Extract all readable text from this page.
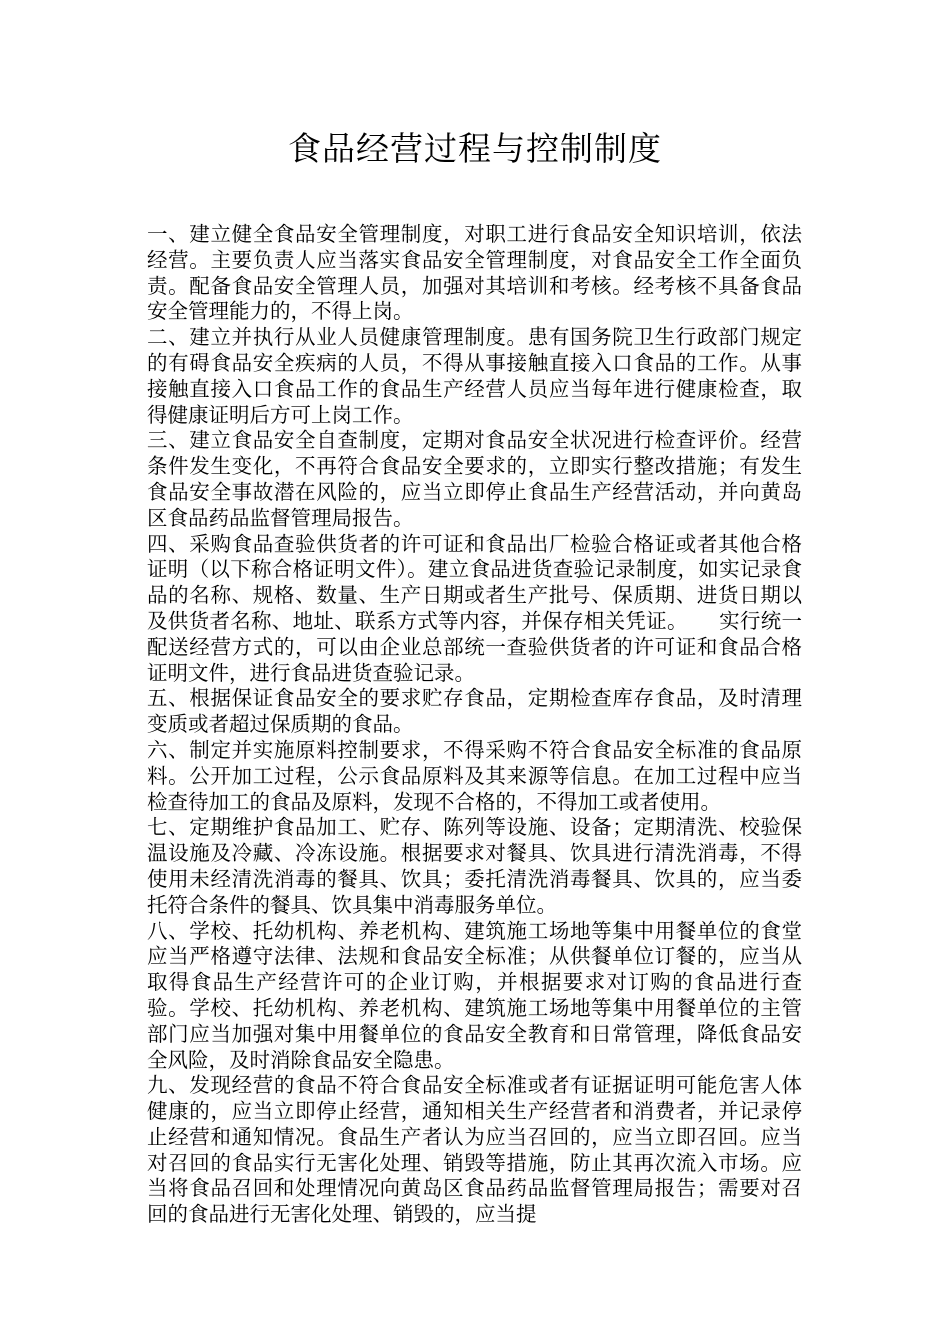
食品经营过程与控制制度

一、建立健全食品安全管理制度，对职工进行食品安全知识培训，依法经营。主要负责人应当落实食品安全管理制度，对食品安全工作全面负责。配备食品安全管理人员，加强对其培训和考核。经考核不具备食品安全管理能力的，不得上岗。

二、建立并执行从业人员健康管理制度。患有国务院卫生行政部门规定的有碍食品安全疾病的人员，不得从事接触直接入口食品的工作。从事接触直接入口食品工作的食品生产经营人员应当每年进行健康检查，取得健康证明后方可上岗工作。

三、建立食品安全自查制度，定期对食品安全状况进行检查评价。经营条件发生变化，不再符合食品安全要求的，立即实行整改措施；有发生食品安全事故潜在风险的，应当立即停止食品生产经营活动，并向黄岛区食品药品监督管理局报告。

四、采购食品查验供货者的许可证和食品出厂检验合格证或者其他合格证明（以下称合格证明文件）。建立食品进货查验记录制度，如实记录食品的名称、规格、数量、生产日期或者生产批号、保质期、进货日期以及供货者名称、地址、联系方式等内容，并保存相关凭证。　　实行统一配送经营方式的，可以由企业总部统一查验供货者的许可证和食品合格证明文件，进行食品进货查验记录。

五、根据保证食品安全的要求贮存食品，定期检查库存食品，及时清理变质或者超过保质期的食品。

六、制定并实施原料控制要求，不得采购不符合食品安全标准的食品原料。公开加工过程，公示食品原料及其来源等信息。在加工过程中应当检查待加工的食品及原料，发现不合格的，不得加工或者使用。

七、定期维护食品加工、贮存、陈列等设施、设备；定期清洗、校验保温设施及冷藏、冷冻设施。根据要求对餐具、饮具进行清洗消毒，不得使用未经清洗消毒的餐具、饮具；委托清洗消毒餐具、饮具的，应当委托符合条件的餐具、饮具集中消毒服务单位。

八、学校、托幼机构、养老机构、建筑施工场地等集中用餐单位的食堂应当严格遵守法律、法规和食品安全标准；从供餐单位订餐的，应当从取得食品生产经营许可的企业订购，并根据要求对订购的食品进行查验。学校、托幼机构、养老机构、建筑施工场地等集中用餐单位的主管部门应当加强对集中用餐单位的食品安全教育和日常管理，降低食品安全风险，及时消除食品安全隐患。

九、发现经营的食品不符合食品安全标准或者有证据证明可能危害人体健康的，应当立即停止经营，通知相关生产经营者和消费者，并记录停止经营和通知情况。食品生产者认为应当召回的，应当立即召回。应当对召回的食品实行无害化处理、销毁等措施，防止其再次流入市场。应当将食品召回和处理情况向黄岛区食品药品监督管理局报告；需要对召回的食品进行无害化处理、销毁的，应当提
